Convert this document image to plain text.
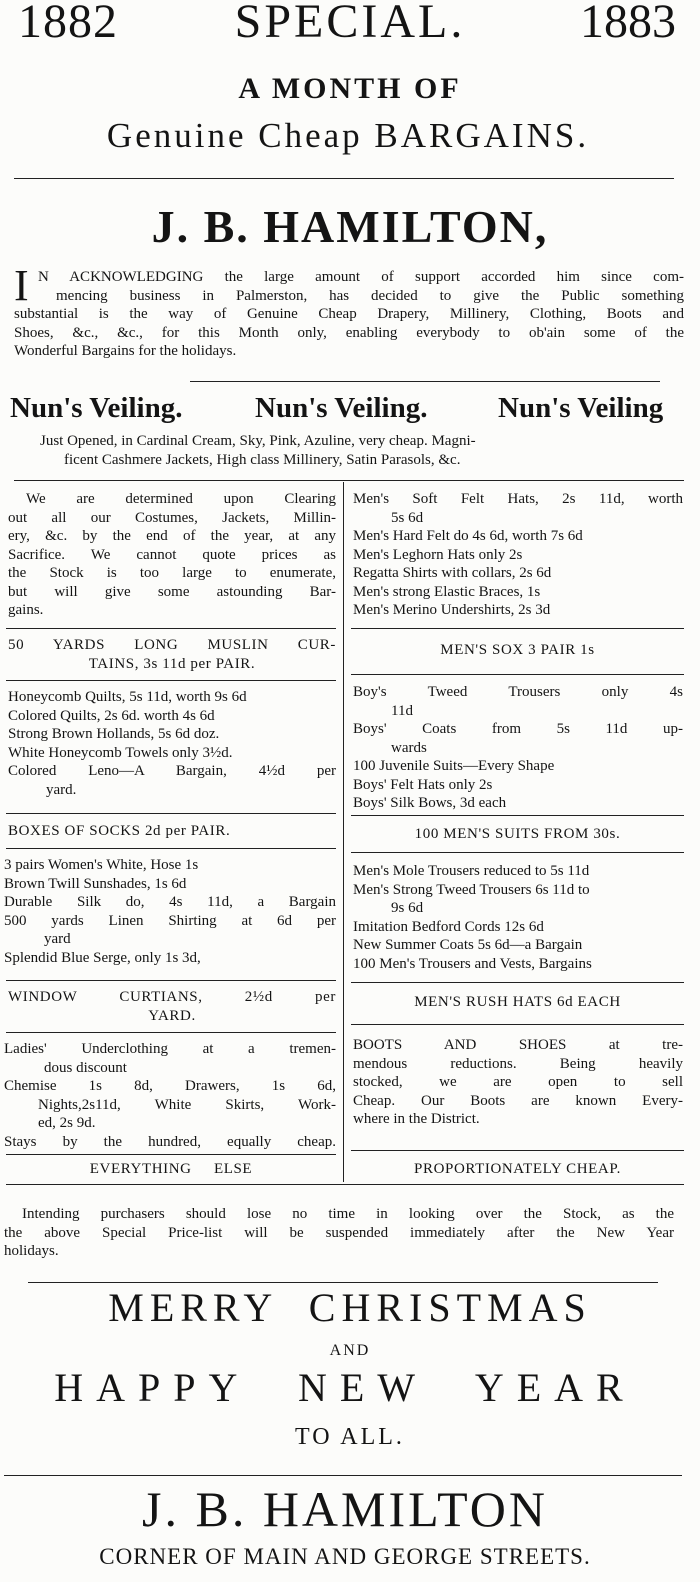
1882	SPECIAL.	1883
A MONTH OF
Genuine Cheap BARGAINS.
J. B. HAMILTON,
I N ACKNOWLEDGING the large amount of support accorded him since com-

mencing business in Palmerston, has decided to give the Public something

substantial is the way of Genuine Cheap Drapery, Millinery, Clothing, Boots and

Shoes, &c., &c., for this Month only, enabling everybody to ob'ain some of the

Wonderful Bargains for the holidays.

Nun's Veiling.	Nun's Veiling. Nun's Veiling

Just Opened, in Cardinal Cream, Sky, Pink, Azuline, very cheap. Magni-

ficent Cashmere Jackets, High class Millinery, Satin Parasols, &c.

We are determined upon Clearing

out all our Costumes, Jackets, Millin-

ery, &c. by the end of the year, at any

Sacrifice. We cannot quote prices as

the Stock is too large to enumerate,

but will give some astounding Bar-

gains.

50 YARDS LONG MUSLIN CUR-

TAINS, 3s 11d per PAIR.

Honeycomb Quilts, 5s 11d, worth 9s 6d

Colored Quilts, 2s 6d. worth 4s 6d

Strong Brown Hollands, 5s 6d doz.

White Honeycomb Towels only 3½d.

Colored Leno—A Bargain, 4½d per

yard.

BOXES OF SOCKS 2d per PAIR.

3 pairs Women's White, Hose 1s

Brown Twill Sunshades, 1s 6d

Durable Silk do, 4s 11d, a Bargain

500 yards Linen Shirting at 6d per

yard

Splendid Blue Serge, only 1s 3d,

WINDOW CURTIANS, 2½d per

YARD.

Ladies' Underclothing at a tremen-

dous discount

Chemise 1s 8d, Drawers, 1s 6d,

Nights,2s11d, White Skirts, Work-

ed, 2s 9d.

Stays by the hundred, equally cheap.

EVERYTHING ELSE

Men's Soft Felt Hats, 2s 11d, worth

5s 6d

Men's Hard Felt do 4s 6d, worth 7s 6d

Men's Leghorn Hats only 2s

Regatta Shirts with collars, 2s 6d

Men's strong Elastic Braces, 1s

Men's Merino Undershirts, 2s 3d

MEN'S SOX 3 PAIR 1s

Boy's Tweed Trousers only 4s

11d

Boys' Coats from 5s 11d up-

wards

100 Juvenile Suits—Every Shape

Boys' Felt Hats only 2s

Boys' Silk Bows, 3d each

100 MEN'S SUITS FROM 30s.

Men's Mole Trousers reduced to 5s 11d

Men's Strong Tweed Trousers 6s 11d to

9s 6d

Imitation Bedford Cords 12s 6d

New Summer Coats 5s 6d—a Bargain

100 Men's Trousers and Vests, Bargains

MEN'S RUSH HATS 6d EACH

BOOTS AND SHOES at tre-

mendous reductions. Being heavily

stocked, we are open to sell

Cheap. Our Boots are known Every-

where in the District.

PROPORTIONATELY CHEAP.

Intending purchasers should lose no time in looking over the Stock, as the

the above Special Price-list will be suspended immediately after the New Year

holidays.

MERRY CHRISTMAS
AND
HAPPY NEW YEAR
TO ALL.
J. B. HAMILTON
CORNER OF MAIN AND GEORGE STREETS.
